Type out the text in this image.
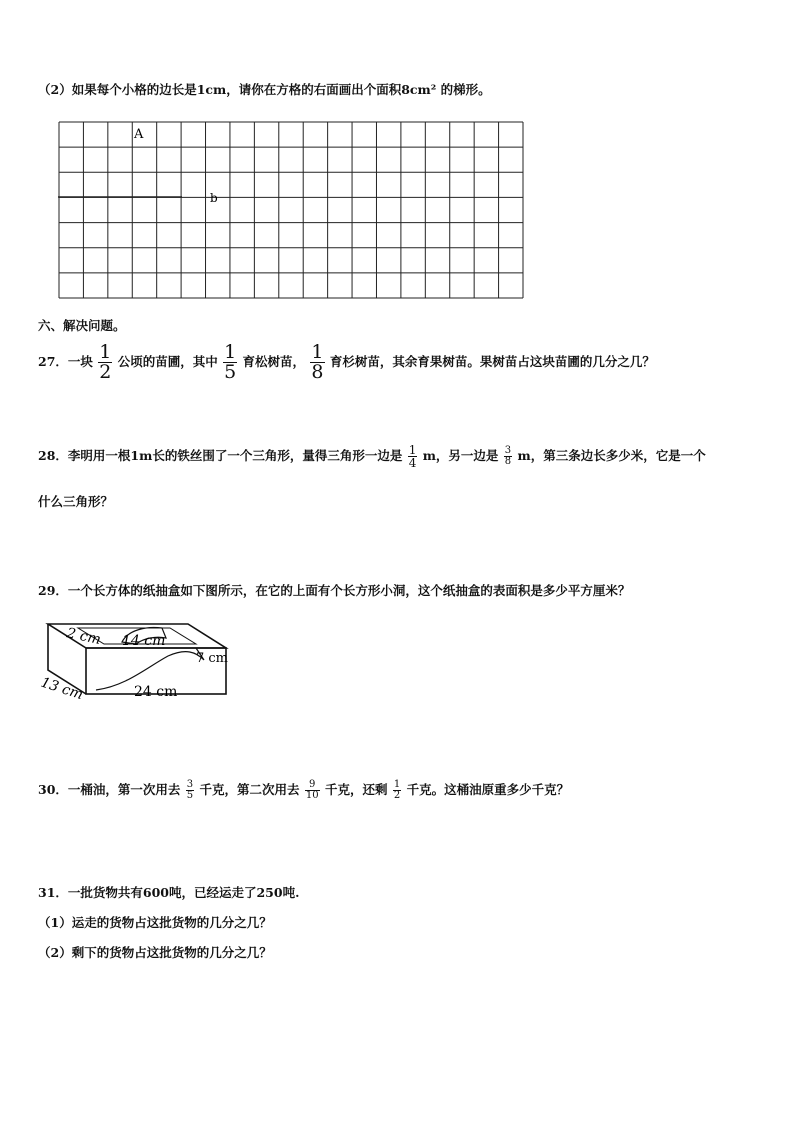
（2）如果每个小格的边长是1cm，请你在方格的右面画出个面积8cm² 的梯形。
A
b
六、解决问题。
27．一块 $\frac{1}{2}$ 公顷的苗圃，其中 $\frac{1}{5}$ 育松树苗， $\frac{1}{8}$ 育杉树苗，其余育果树苗。果树苗占这块苗圃的几分之几？
28．李明用一根1m长的铁丝围了一个三角形，量得三角形一边是 $\frac{1}{4}$ m，另一边是 $\frac{3}{8}$ m，第三条边长多少米，它是一个
什么三角形？
29．一个长方体的纸抽盒如下图所示，在它的上面有个长方形小洞，这个纸抽盒的表面积是多少平方厘米？
2 cm 14 cm
7 cm
13 cm	24 cm
30．一桶油，第一次用去 $\frac{3}{5}$ 千克，第二次用去 $\frac{9}{10}$ 千克，还剩 $\frac{1}{2}$ 千克。这桶油原重多少千克？
31．一批货物共有600吨，已经运走了250吨.
（1）运走的货物占这批货物的几分之几？
（2）剩下的货物占这批货物的几分之几？
